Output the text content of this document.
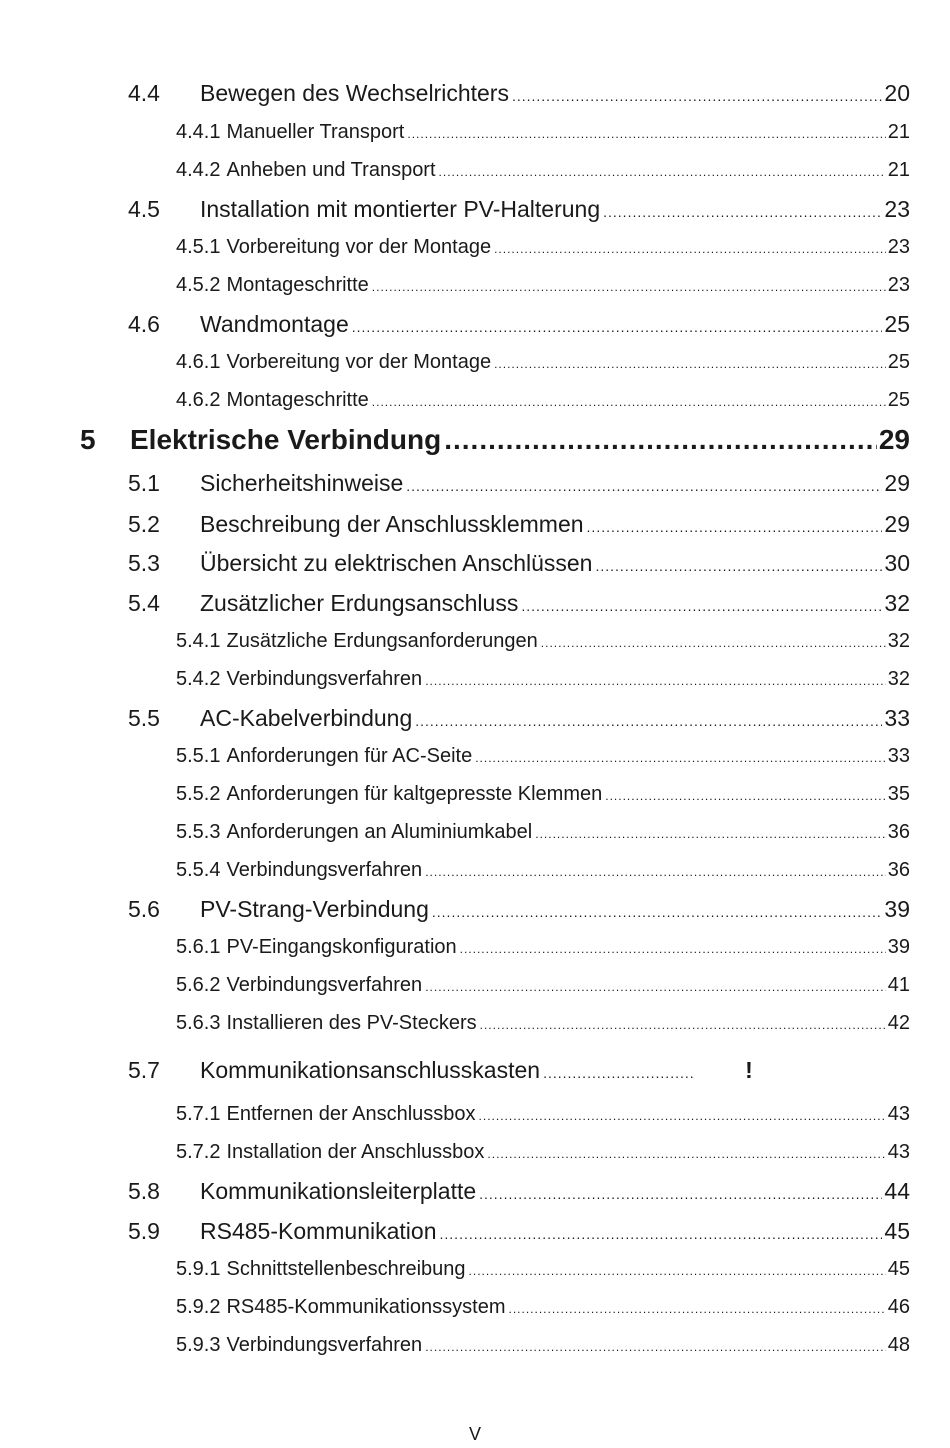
4.4	Bewegen des Wechselrichters .....	20
4.4.1 Manueller Transport .....	21
4.4.2 Anheben und Transport .....	21
4.5	Installation mit montierter PV-Halterung .....	23
4.5.1 Vorbereitung vor der Montage .....	23
4.5.2 Montageschritte .....	23
4.6	Wandmontage .....	25
4.6.1 Vorbereitung vor der Montage .....	25
4.6.2 Montageschritte .....	25
5	Elektrische Verbindung .....	29
5.1	Sicherheitshinweise .....	29
5.2	Beschreibung der Anschlussklemmen .....	29
5.3	Übersicht zu elektrischen Anschlüssen .....	30
5.4	Zusätzlicher Erdungsanschluss .....	32
5.4.1 Zusätzliche Erdungsanforderungen .....	32
5.4.2 Verbindungsverfahren .....	32
5.5	AC-Kabelverbindung .....	33
5.5.1 Anforderungen für AC-Seite .....	33
5.5.2 Anforderungen für kaltgepresste Klemmen .....	35
5.5.3 Anforderungen an Aluminiumkabel .....	36
5.5.4 Verbindungsverfahren .....	36
5.6	PV-Strang-Verbindung .....	39
5.6.1 PV-Eingangskonfiguration .....	39
5.6.2 Verbindungsverfahren .....	41
5.6.3 Installieren des PV-Steckers .....	42
5.7	Kommunikationsanschlusskasten .....	!
5.7.1 Entfernen der Anschlussbox .....	43
5.7.2 Installation der Anschlussbox .....	43
5.8	Kommunikationsleiterplatte .....	44
5.9	RS485-Kommunikation .....	45
5.9.1 Schnittstellenbeschreibung .....	45
5.9.2 RS485-Kommunikationssystem .....	46
5.9.3 Verbindungsverfahren .....	48
V
